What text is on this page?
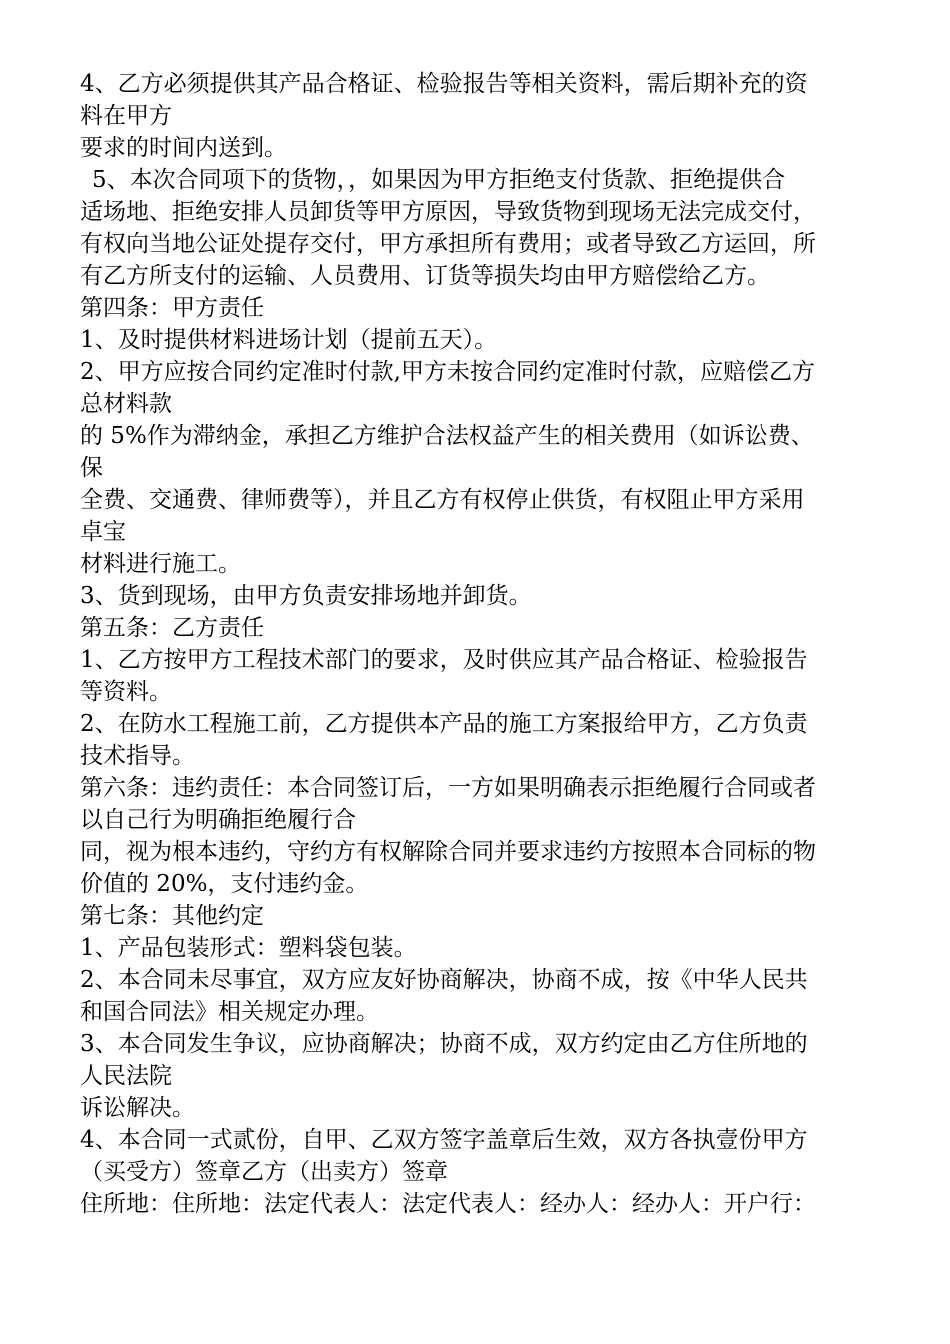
4、乙方必须提供其产品合格证、检验报告等相关资料，需后期补充的资
料在甲方
要求的时间内送到。
5、本次合同项下的货物，，如果因为甲方拒绝支付货款、拒绝提供合
适场地、拒绝安排人员卸货等甲方原因，导致货物到现场无法完成交付，
有权向当地公证处提存交付，甲方承担所有费用；或者导致乙方运回，所
有乙方所支付的运输、人员费用、订货等损失均由甲方赔偿给乙方。
第四条：甲方责任
1、及时提供材料进场计划（提前五天）。
2、甲方应按合同约定准时付款,甲方未按合同约定准时付款，应赔偿乙方
总材料款
的 5%作为滞纳金，承担乙方维护合法权益产生的相关费用（如诉讼费、
保
全费、交通费、律师费等），并且乙方有权停止供货，有权阻止甲方采用
卓宝
材料进行施工。
3、货到现场，由甲方负责安排场地并卸货。
第五条：乙方责任
1、乙方按甲方工程技术部门的要求，及时供应其产品合格证、检验报告
等资料。
2、在防水工程施工前，乙方提供本产品的施工方案报给甲方，乙方负责
技术指导。
第六条：违约责任：本合同签订后，一方如果明确表示拒绝履行合同或者
以自己行为明确拒绝履行合
同，视为根本违约，守约方有权解除合同并要求违约方按照本合同标的物
价值的 20%，支付违约金。
第七条：其他约定
1、产品包装形式：塑料袋包装。
2、本合同未尽事宜，双方应友好协商解决，协商不成，按《中华人民共
和国合同法》相关规定办理。
3、本合同发生争议，应协商解决；协商不成，双方约定由乙方住所地的
人民法院
诉讼解决。
4、本合同一式贰份，自甲、乙双方签字盖章后生效，双方各执壹份甲方
（买受方）签章乙方（出卖方）签章
住所地：住所地：法定代表人：法定代表人：经办人：经办人：开户行：
